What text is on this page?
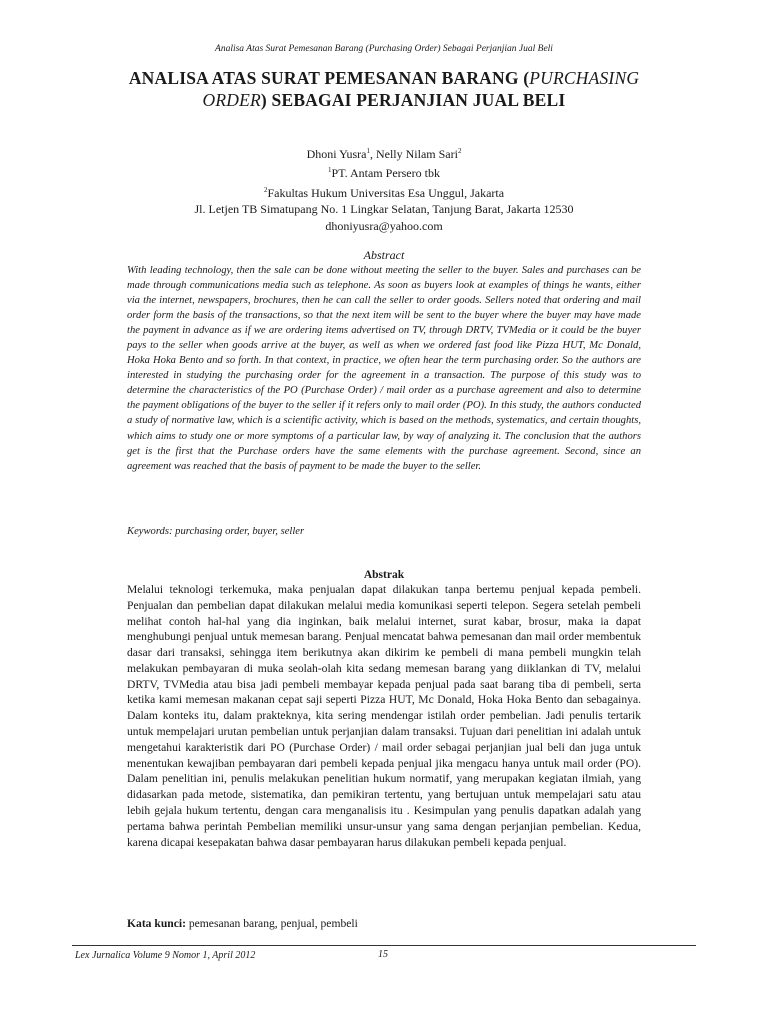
Analisa Atas Surat Pemesanan Barang (Purchasing Order) Sebagai Perjanjian Jual Beli
ANALISA ATAS SURAT PEMESANAN BARANG (PURCHASING ORDER) SEBAGAI PERJANJIAN JUAL BELI
Dhoni Yusra$^1$, Nelly Nilam Sari$^2$
$^1$PT. Antam Persero tbk
$^2$Fakultas Hukum Universitas Esa Unggul, Jakarta
Jl. Letjen TB Simatupang No. 1 Lingkar Selatan, Tanjung Barat, Jakarta 12530
dhoniyusra@yahoo.com
Abstract

With leading technology, then the sale can be done without meeting the seller to the buyer. Sales and purchases can be made through communications media such as telephone. As soon as buyers look at examples of things he wants, either via the internet, newspapers, brochures, then he can call the seller to order goods. Sellers noted that ordering and mail order form the basis of the transactions, so that the next item will be sent to the buyer where the buyer may have made the payment in advance as if we are ordering items advertised on TV, through DRTV, TVMedia or it could be the buyer pays to the seller when goods arrive at the buyer, as well as when we ordered fast food like Pizza HUT, Mc Donald, Hoka Hoka Bento and so forth. In that context, in practice, we often hear the term purchasing order. So the authors are interested in studying the purchasing order for the agreement in a transaction. The purpose of this study was to determine the characteristics of the PO (Purchase Order) / mail order as a purchase agreement and also to determine the payment obligations of the buyer to the seller if it refers only to mail order (PO). In this study, the authors conducted a study of normative law, which is a scientific activity, which is based on the methods, systematics, and certain thoughts, which aims to study one or more symptoms of a particular law, by way of analyzing it. The conclusion that the authors get is the first that the Purchase orders have the same elements with the purchase agreement. Second, since an agreement was reached that the basis of payment to be made the buyer to the seller.

Keywords: purchasing order, buyer, seller
Abstrak

Melalui teknologi terkemuka, maka penjualan dapat dilakukan tanpa bertemu penjual kepada pembeli. Penjualan dan pembelian dapat dilakukan melalui media komunikasi seperti telepon. Segera setelah pembeli melihat contoh hal-hal yang dia inginkan, baik melalui internet, surat kabar, brosur, maka ia dapat menghubungi penjual untuk memesan barang. Penjual mencatat bahwa pemesanan dan mail order membentuk dasar dari transaksi, sehingga item berikutnya akan dikirim ke pembeli di mana pembeli mungkin telah melakukan pembayaran di muka seolah-olah kita sedang memesan barang yang diiklankan di TV, melalui DRTV, TVMedia atau bisa jadi pembeli membayar kepada penjual pada saat barang tiba di pembeli, serta ketika kami memesan makanan cepat saji seperti Pizza HUT, Mc Donald, Hoka Hoka Bento dan sebagainya. Dalam konteks itu, dalam prakteknya, kita sering mendengar istilah order pembelian. Jadi penulis tertarik untuk mempelajari urutan pembelian untuk perjanjian dalam transaksi. Tujuan dari penelitian ini adalah untuk mengetahui karakteristik dari PO (Purchase Order) / mail order sebagai perjanjian jual beli dan juga untuk menentukan kewajiban pembayaran dari pembeli kepada penjual jika mengacu hanya untuk mail order (PO). Dalam penelitian ini, penulis melakukan penelitian hukum normatif, yang merupakan kegiatan ilmiah, yang didasarkan pada metode, sistematika, dan pemikiran tertentu, yang bertujuan untuk mempelajari satu atau lebih gejala hukum tertentu, dengan cara menganalisis itu . Kesimpulan yang penulis dapatkan adalah yang pertama bahwa perintah Pembelian memiliki unsur-unsur yang sama dengan perjanjian pembelian. Kedua, karena dicapai kesepakatan bahwa dasar pembayaran harus dilakukan pembeli kepada penjual.

Kata kunci: pemesanan barang, penjual, pembeli
Lex Jurnalica Volume 9 Nomor 1, April 2012	15
